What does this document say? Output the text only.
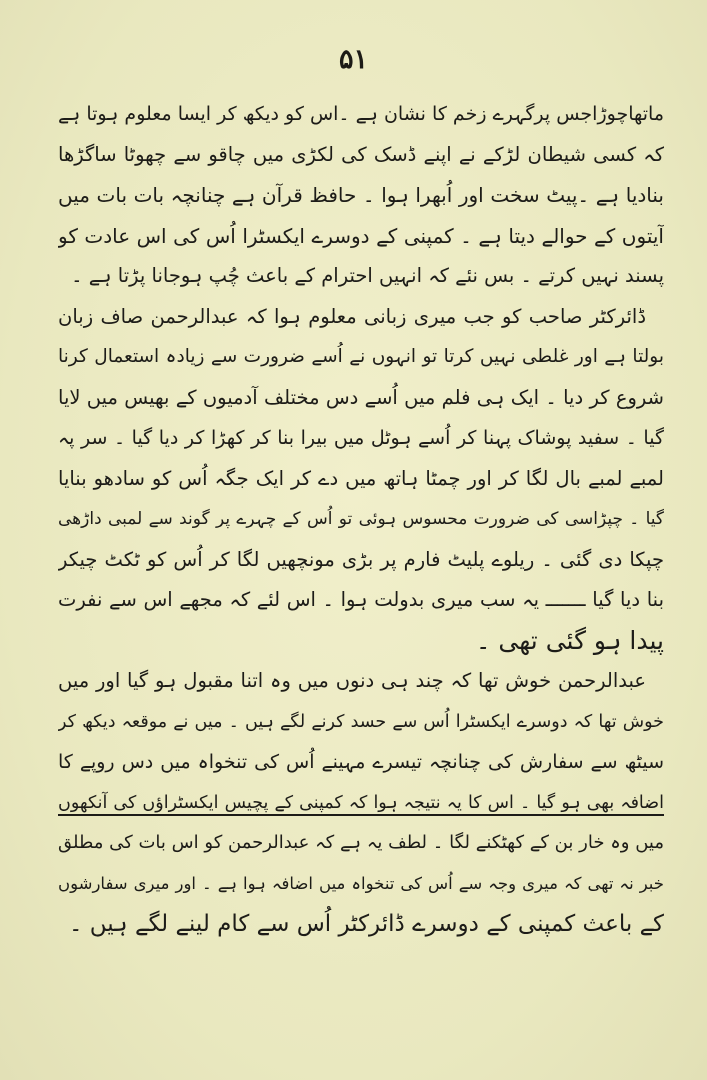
۵۱
ماتھاچوڑاجس پرگہرے زخم کا نشان ہے ۔اس کو دیکھ کر ایسا معلوم ہوتا ہے
کہ کسی شیطان لڑکے نے اپنے ڈسک کی لکڑی میں چاقو سے چھوٹا ساگڑھا
بنادیا ہے ۔پیٹ سخت اور اُبھرا ہوا ۔ حافظ قرآن ہے چنانچہ بات بات میں
آیتوں کے حوالے دیتا ہے ۔ کمپنی کے دوسرے ایکسٹرا اُس کی اس عادت کو
پسند نہیں کرتے ۔ بس نئے کہ انہیں احترام کے باعث چُپ ہوجانا پڑتا ہے ۔
ڈائرکٹر صاحب کو جب میری زبانی معلوم ہوا کہ عبدالرحمن صاف زبان
بولتا ہے اور غلطی نہیں کرتا تو انہوں نے اُسے ضرورت سے زیادہ استعمال کرنا
شروع کر دیا ۔ ایک ہی فلم میں اُسے دس مختلف آدمیوں کے بھیس میں لایا
گیا ۔ سفید پوشاک پہنا کر اُسے ہوٹل میں بیرا بنا کر کھڑا کر دیا گیا ۔ سر پہ
لمبے لمبے بال لگا کر اور چمٹا ہاتھ میں دے کر ایک جگہ اُس کو سادھو بنایا
گیا ۔ چپڑاسی کی ضرورت محسوس ہوئی تو اُس کے چہرے پر گوند سے لمبی داڑھی
چپکا دی گئی ۔ ریلوے پلیٹ فارم پر بڑی مونچھیں لگا کر اُس کو ٹکٹ چیکر
بنا دیا گیا ـــــــ یہ سب میری بدولت ہوا ۔ اس لئے کہ مجھے اس سے نفرت
پیدا ہو گئی تھی ۔
عبدالرحمن خوش تھا کہ چند ہی دنوں میں وہ اتنا مقبول ہو گیا اور میں
خوش تھا کہ دوسرے ایکسٹرا اُس سے حسد کرنے لگے ہیں ۔ میں نے موقعہ دیکھ کر
سیٹھ سے سفارش کی چنانچہ تیسرے مہینے اُس کی تنخواہ میں دس روپے کا
اضافہ بھی ہو گیا ۔ اس کا یہ نتیجہ ہوا کہ کمپنی کے پچیس ایکسٹراؤں کی آنکھوں
میں وہ خار بن کے کھٹکنے لگا ۔ لطف یہ ہے کہ عبدالرحمن کو اس بات کی مطلق
خبر نہ تھی کہ میری وجہ سے اُس کی تنخواہ میں اضافہ ہوا ہے ۔ اور میری سفارشوں
کے باعث کمپنی کے دوسرے ڈائرکٹر اُس سے کام لینے لگے ہیں ۔
